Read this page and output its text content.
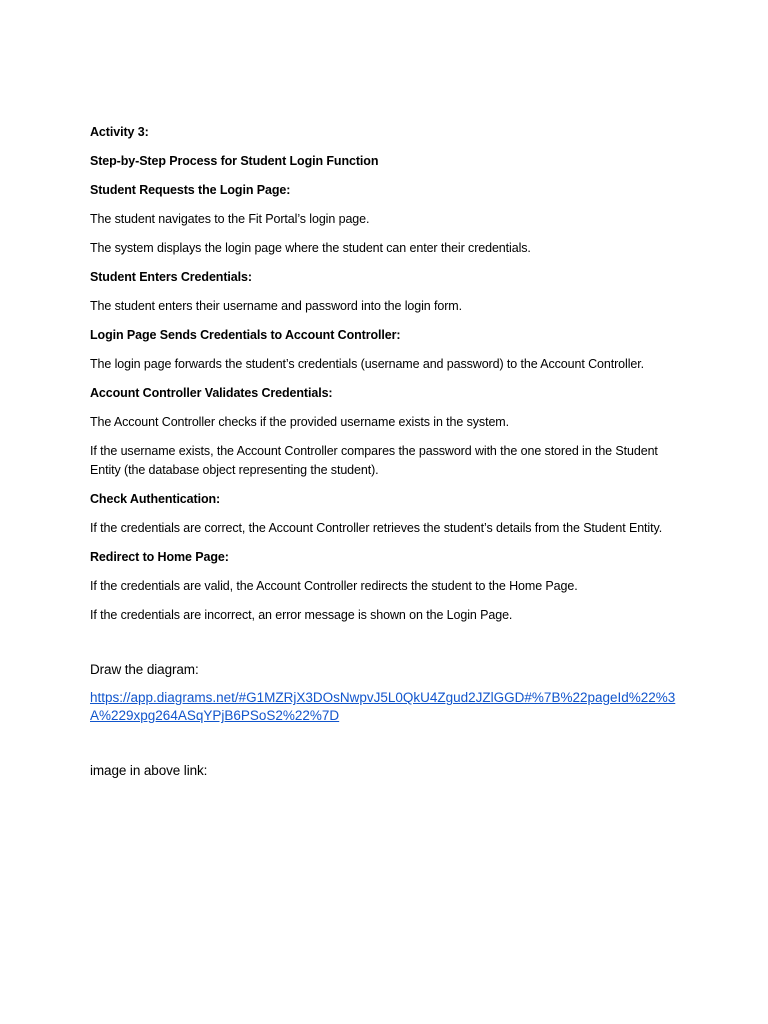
Activity 3:
Step-by-Step Process for Student Login Function
Student Requests the Login Page:
The student navigates to the Fit Portal’s login page.
The system displays the login page where the student can enter their credentials.
Student Enters Credentials:
The student enters their username and password into the login form.
Login Page Sends Credentials to Account Controller:
The login page forwards the student’s credentials (username and password) to the Account Controller.
Account Controller Validates Credentials:
The Account Controller checks if the provided username exists in the system.
If the username exists, the Account Controller compares the password with the one stored in the Student Entity (the database object representing the student).
Check Authentication:
If the credentials are correct, the Account Controller retrieves the student’s details from the Student Entity.
Redirect to Home Page:
If the credentials are valid, the Account Controller redirects the student to the Home Page.
If the credentials are incorrect, an error message is shown on the Login Page.
Draw the diagram:
https://app.diagrams.net/#G1MZRjX3DOsNwpvJ5L0QkU4Zgud2JZlGGD#%7B%22pageId%22%3A%229xpg264ASqYPjB6PSoS2%22%7D
image in above link:
